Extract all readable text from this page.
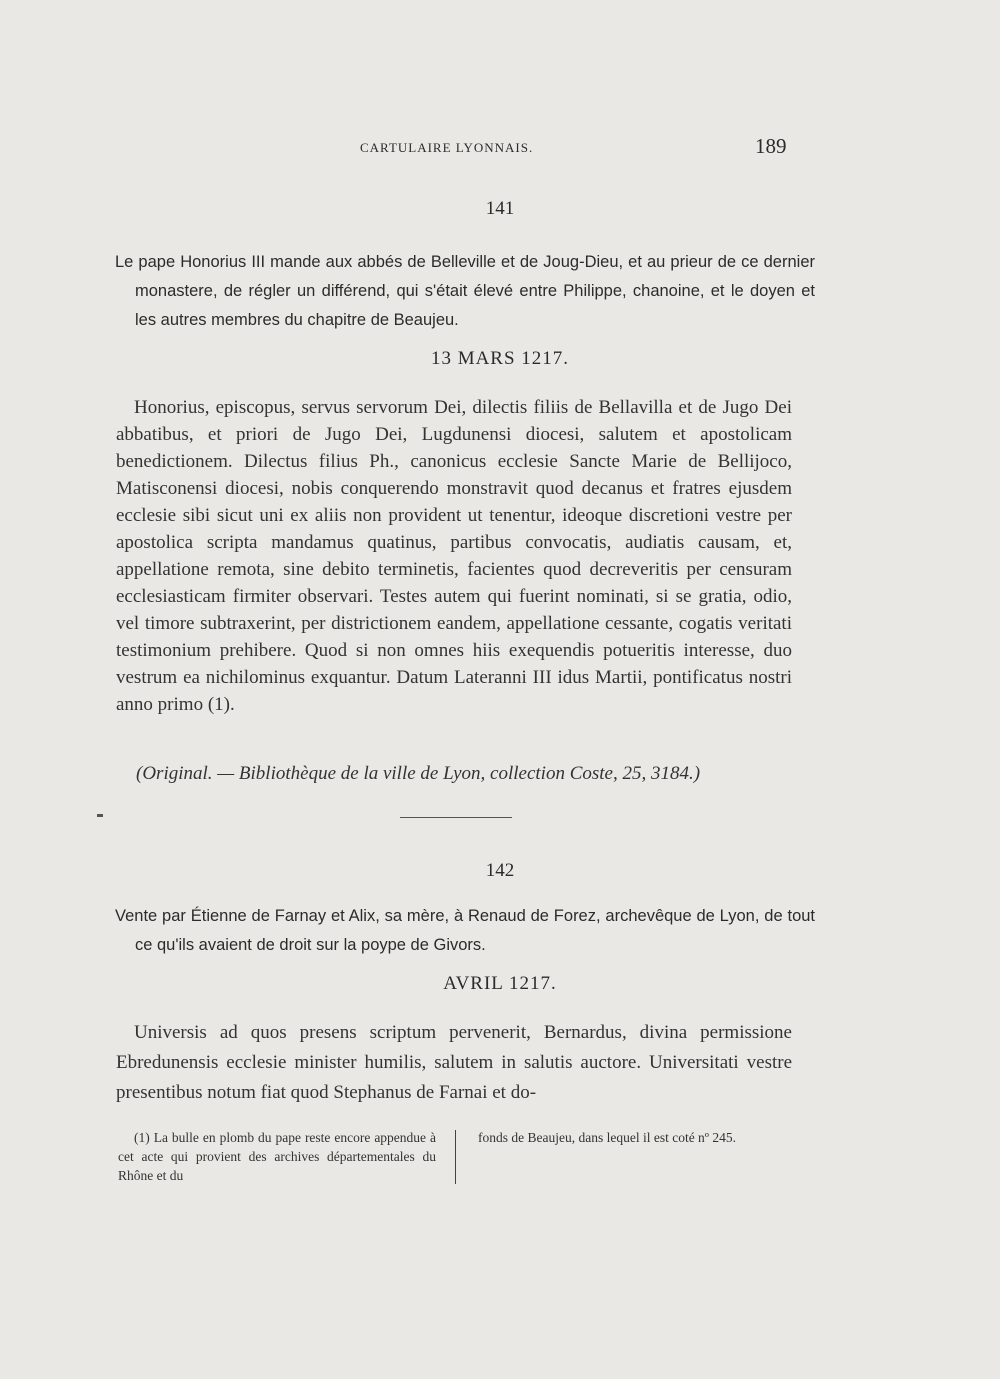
CARTULAIRE LYONNAIS.	189
141
Le pape Honorius III mande aux abbés de Belleville et de Joug-Dieu, et au prieur de ce dernier monastere, de régler un différend, qui s'était élevé entre Philippe, chanoine, et le doyen et les autres membres du chapitre de Beaujeu.
13 MARS 1217.
Honorius, episcopus, servus servorum Dei, dilectis filiis de Bellavilla et de Jugo Dei abbatibus, et priori de Jugo Dei, Lugdunensi diocesi, salutem et apostolicam benedictionem. Dilectus filius Ph., canonicus ecclesie Sancte Marie de Bellijoco, Matisconensi diocesi, nobis conquerendo monstravit quod decanus et fratres ejusdem ecclesie sibi sicut uni ex aliis non provident ut tenentur, ideoque discretioni vestre per apostolica scripta mandamus quatinus, partibus convocatis, audiatis causam, et, appellatione remota, sine debito terminetis, facientes quod decreveritis per censuram ecclesiasticam firmiter observari. Testes autem qui fuerint nominati, si se gratia, odio, vel timore subtraxerint, per districtionem eandem, appellatione cessante, cogatis veritati testimonium prehibere. Quod si non omnes hiis exequendis potueritis interesse, duo vestrum ea nichilominus exquantur. Datum Lateranni III idus Martii, pontificatus nostri anno primo (1).
(Original. — Bibliothèque de la ville de Lyon, collection Coste, 25, 3184.)
142
Vente par Étienne de Farnay et Alix, sa mère, à Renaud de Forez, archevêque de Lyon, de tout ce qu'ils avaient de droit sur la poype de Givors.
AVRIL 1217.
Universis ad quos presens scriptum pervenerit, Bernardus, divina permissione Ebredunensis ecclesie minister humilis, salutem in salutis auctore. Universitati vestre presentibus notum fiat quod Stephanus de Farnai et do-
(1) La bulle en plomb du pape reste encore appendue à cet acte qui provient des archives départementales du Rhône et du
fonds de Beaujeu, dans lequel il est coté nº 245.
